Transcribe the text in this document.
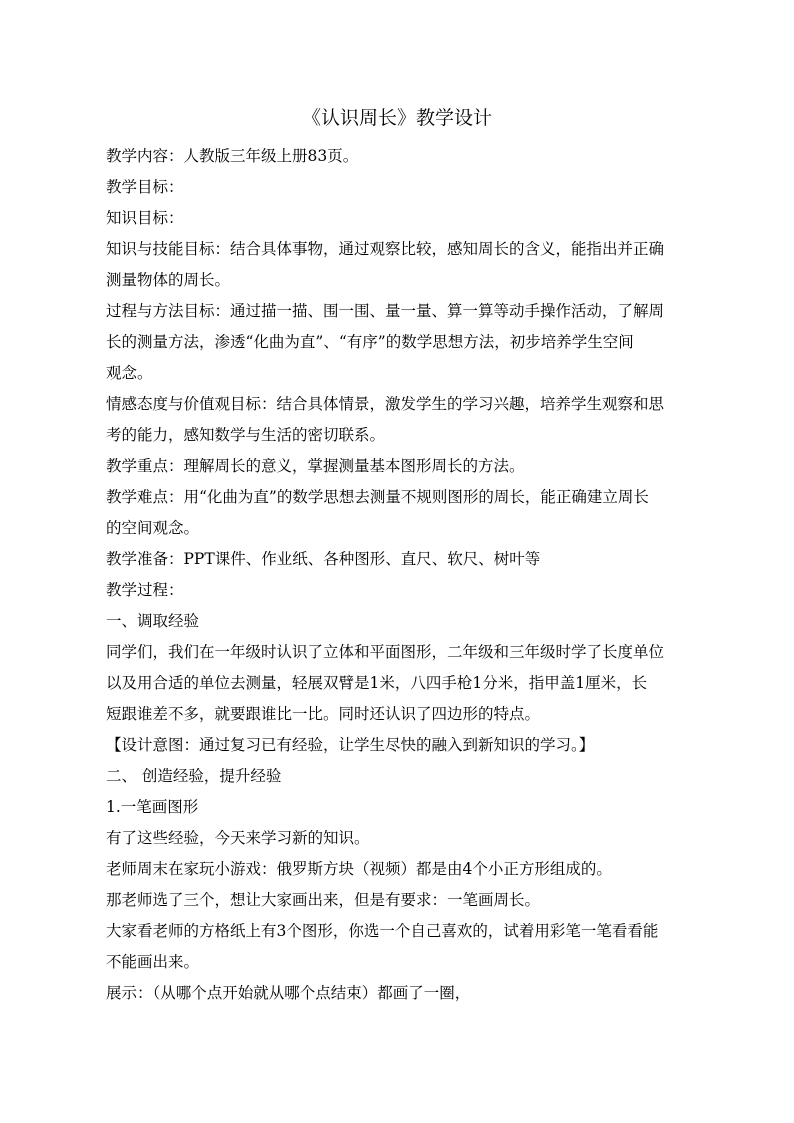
《认识周长》教学设计

教学内容：人教版三年级上册83页。

教学目标：

知识目标：

知识与技能目标：结合具体事物，通过观察比较，感知周长的含义，能指出并正确

测量物体的周长。

过程与方法目标：通过描一描、围一围、量一量、算一算等动手操作活动，了解周

长的测量方法，渗透“化曲为直”、“有序”的数学思想方法，初步培养学生空间

观念。

情感态度与价值观目标：结合具体情景，激发学生的学习兴趣，培养学生观察和思

考的能力，感知数学与生活的密切联系。

教学重点：理解周长的意义，掌握测量基本图形周长的方法。

教学难点：用“化曲为直”的数学思想去测量不规则图形的周长，能正确建立周长

的空间观念。

教学准备：PPT课件、作业纸、各种图形、直尺、软尺、树叶等

教学过程：

一、调取经验

同学们，我们在一年级时认识了立体和平面图形，二年级和三年级时学了长度单位

以及用合适的单位去测量，轻展双臂是1米，八四手枪1分米，指甲盖1厘米，长

短跟谁差不多，就要跟谁比一比。同时还认识了四边形的特点。

【设计意图：通过复习已有经验，让学生尽快的融入到新知识的学习。】

二、 创造经验，提升经验

1.一笔画图形

有了这些经验，今天来学习新的知识。

老师周末在家玩小游戏：俄罗斯方块（视频）都是由4个小正方形组成的。

那老师选了三个，想让大家画出来，但是有要求：一笔画周长。

大家看老师的方格纸上有3个图形，你选一个自己喜欢的，试着用彩笔一笔看看能

不能画出来。

展示：（从哪个点开始就从哪个点结束）都画了一圈，
